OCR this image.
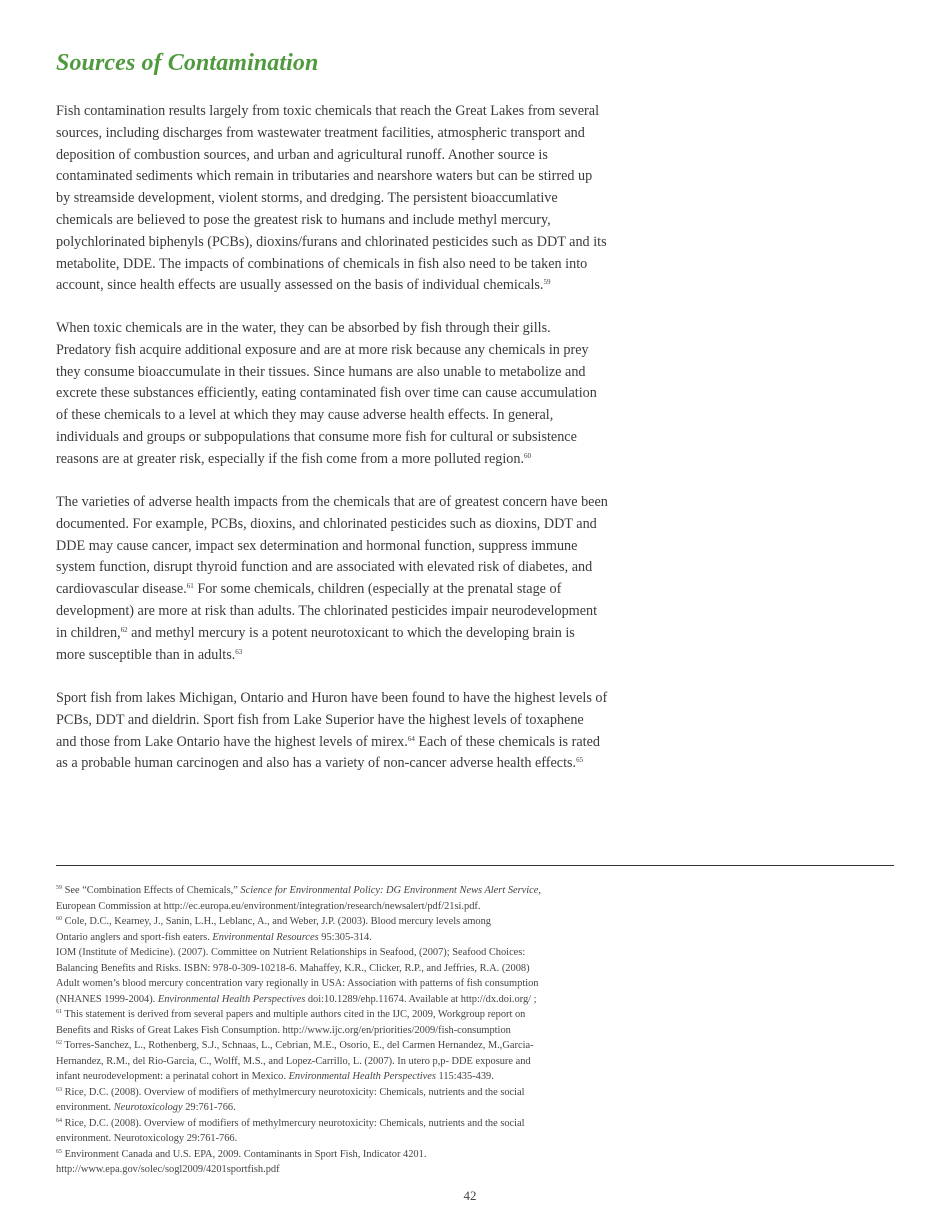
Sources of Contamination
Fish contamination results largely from toxic chemicals that reach the Great Lakes from several
sources, including discharges from wastewater treatment facilities, atmospheric transport and
deposition of combustion sources, and urban and agricultural runoff. Another source is
contaminated sediments which remain in tributaries and nearshore waters but can be stirred up
by streamside development, violent storms, and dredging. The persistent bioaccumlative
chemicals are believed to pose the greatest risk to humans and include methyl mercury,
polychlorinated biphenyls (PCBs), dioxins/furans and chlorinated pesticides such as DDT and its
metabolite, DDE. The impacts of combinations of chemicals in fish also need to be taken into
account, since health effects are usually assessed on the basis of individual chemicals.$^{59}$
When toxic chemicals are in the water, they can be absorbed by fish through their gills.
Predatory fish acquire additional exposure and are at more risk because any chemicals in prey
they consume bioaccumulate in their tissues. Since humans are also unable to metabolize and
excrete these substances efficiently, eating contaminated fish over time can cause accumulation
of these chemicals to a level at which they may cause adverse health effects. In general,
individuals and groups or subpopulations that consume more fish for cultural or subsistence
reasons are at greater risk, especially if the fish come from a more polluted region.$^{60}$
The varieties of adverse health impacts from the chemicals that are of greatest concern have been
documented. For example, PCBs, dioxins, and chlorinated pesticides such as dioxins, DDT and
DDE may cause cancer, impact sex determination and hormonal function, suppress immune
system function, disrupt thyroid function and are associated with elevated risk of diabetes, and
cardiovascular disease.$^{61}$ For some chemicals, children (especially at the prenatal stage of
development) are more at risk than adults. The chlorinated pesticides impair neurodevelopment
in children,$^{62}$ and methyl mercury is a potent neurotoxicant to which the developing brain is
more susceptible than in adults.$^{63}$
Sport fish from lakes Michigan, Ontario and Huron have been found to have the highest levels of
PCBs, DDT and dieldrin. Sport fish from Lake Superior have the highest levels of toxaphene
and those from Lake Ontario have the highest levels of mirex.$^{64}$ Each of these chemicals is rated
as a probable human carcinogen and also has a variety of non-cancer adverse health effects.$^{65}$
$^{59}$ See “Combination Effects of Chemicals,” Science for Environmental Policy: DG Environment News Alert Service,
European Commission at http://ec.europa.eu/environment/integration/research/newsalert/pdf/21si.pdf.
$^{60}$ Cole, D.C., Kearney, J., Sanin, L.H., Leblanc, A., and Weber, J.P. (2003). Blood mercury levels among
Ontario anglers and sport-fish eaters. Environmental Resources 95:305-314.
IOM (Institute of Medicine). (2007). Committee on Nutrient Relationships in Seafood, (2007); Seafood Choices:
Balancing Benefits and Risks. ISBN: 978-0-309-10218-6. Mahaffey, K.R., Clicker, R.P., and Jeffries, R.A. (2008)
Adult women’s blood mercury concentration vary regionally in USA: Association with patterns of fish consumption
(NHANES 1999-2004). Environmental Health Perspectives doi:10.1289/ehp.11674. Available at http://dx.doi.org/ ;
$^{61}$ This statement is derived from several papers and multiple authors cited in the IJC, 2009, Workgroup report on
Benefits and Risks of Great Lakes Fish Consumption. http://www.ijc.org/en/priorities/2009/fish-consumption
$^{62}$ Torres-Sanchez, L., Rothenberg, S.J., Schnaas, L., Cebrian, M.E., Osorio, E., del Carmen Hernandez, M.,Garcia-
Hernandez, R.M., del Rio-Garcia, C., Wolff, M.S., and Lopez-Carrillo, L. (2007). In utero p,p- DDE exposure and
infant neurodevelopment: a perinatal cohort in Mexico. Environmental Health Perspectives 115:435-439.
$^{63}$ Rice, D.C. (2008). Overview of modifiers of methylmercury neurotoxicity: Chemicals, nutrients and the social
environment. Neurotoxicology 29:761-766.
$^{64}$ Rice, D.C. (2008). Overview of modifiers of methylmercury neurotoxicity: Chemicals, nutrients and the social
environment. Neurotoxicology 29:761-766.
$^{65}$ Environment Canada and U.S. EPA, 2009. Contaminants in Sport Fish, Indicator 4201.
http://www.epa.gov/solec/sogl2009/4201sportfish.pdf
42
